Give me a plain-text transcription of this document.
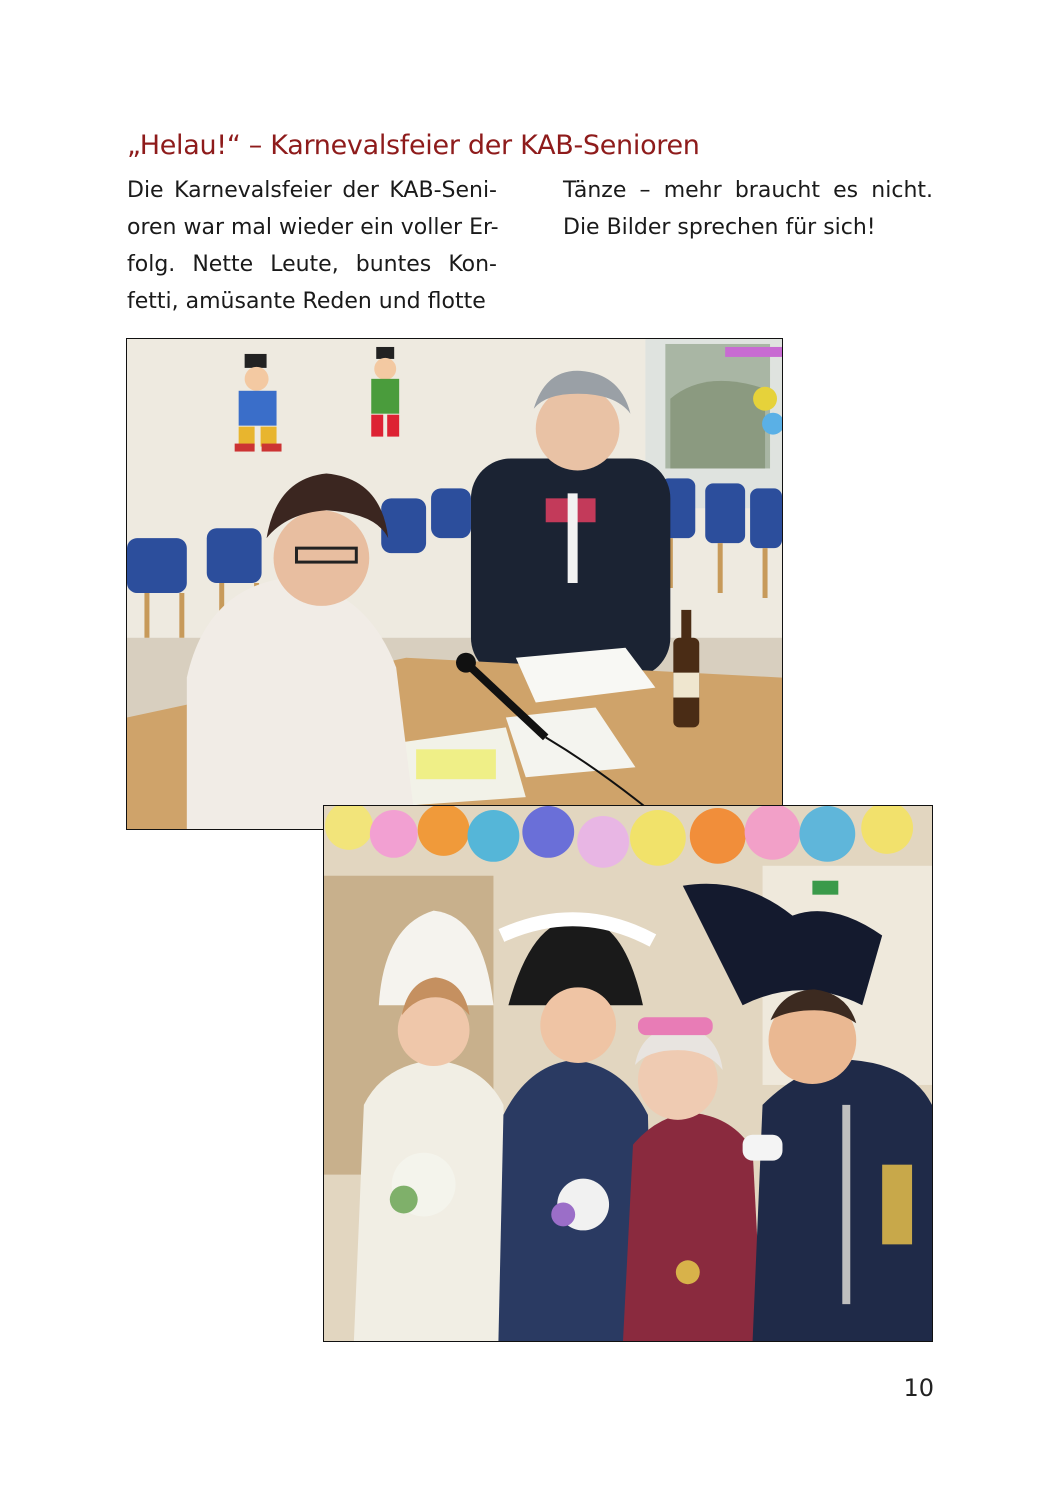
„Helau!“ – Karnevalsfeier der KAB-Senioren
Die Karnevalsfeier der KAB-Seni-
oren war mal wieder ein voller Er-
folg. Nette Leute, buntes Kon-
fetti, amüsante Reden und flotte
Tänze – mehr braucht es nicht.
Die Bilder sprechen für sich!
10
